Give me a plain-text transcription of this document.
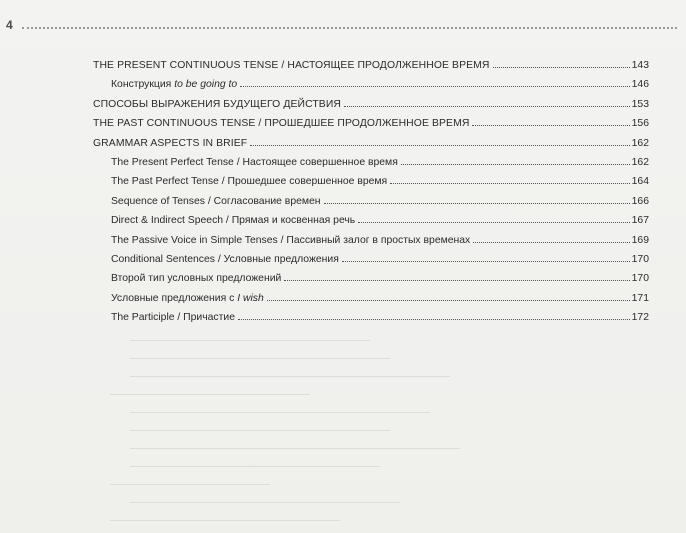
4
THE PRESENT CONTINUOUS TENSE / НАСТОЯЩЕЕ ПРОДОЛЖЕННОЕ ВРЕМЯ	143
Конструкция to be going to	146
СПОСОБЫ ВЫРАЖЕНИЯ БУДУЩЕГО ДЕЙСТВИЯ	153
THE PAST CONTINUOUS TENSE / ПРОШЕДШЕЕ ПРОДОЛЖЕННОЕ ВРЕМЯ	156
GRAMMAR ASPECTS IN BRIEF	162
The Present Perfect Tense / Настоящее совершенное время	162
The Past Perfect Tense / Прошедшее совершенное время	164
Sequence of Tenses / Согласование времен	166
Direct & Indirect Speech / Прямая и косвенная речь	167
The Passive Voice in Simple Tenses / Пассивный залог в простых временах	169
Conditional Sentences / Условные предложения	170
Второй тип условных предложений	170
Условные предложения с I wish	171
The Participle / Причастие	172
